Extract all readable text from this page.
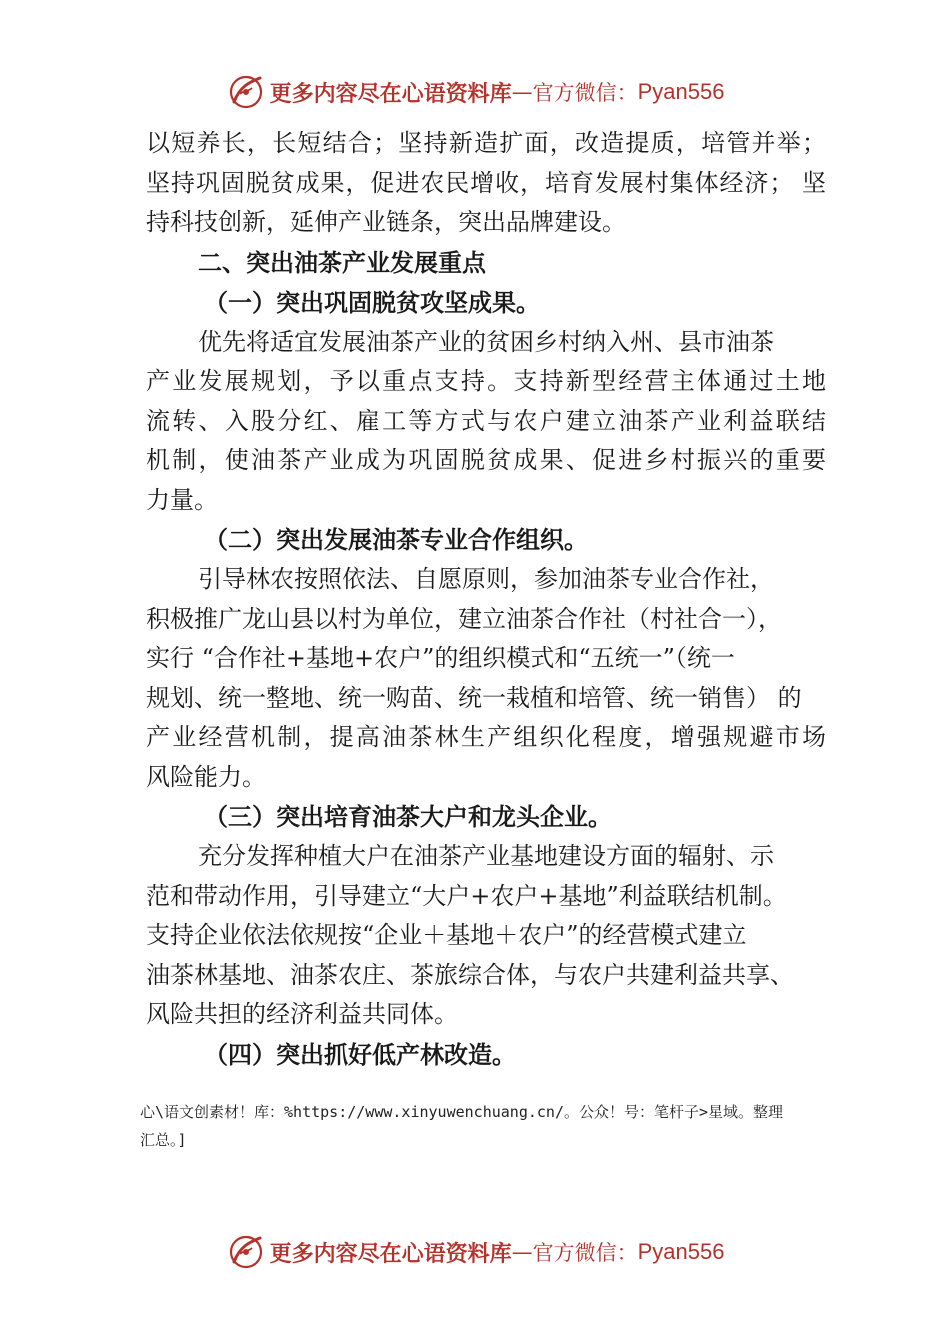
更多内容尽在心语资料库 — 官方微信： Pyan556
以短养长，长短结合；坚持新造扩面，改造提质，培管并举；
坚持巩固脱贫成果，促进农民增收，培育发展村集体经济； 坚
持科技创新，延伸产业链条，突出品牌建设。
二、突出油茶产业发展重点
（一）突出巩固脱贫攻坚成果。
优先将适宜发展油茶产业的贫困乡村纳入州、县市油茶
产业发展规划，予以重点支持。支持新型经营主体通过土地
流转、入股分红、雇工等方式与农户建立油茶产业利益联结
机制，使油茶产业成为巩固脱贫成果、促进乡村振兴的重要
力量。
（二）突出发展油茶专业合作组织。
引导林农按照依法、自愿原则，参加油茶专业合作社，
积极推广龙山县以村为单位，建立油茶合作社（村社合一），
实行 “合作社+基地+农户”的组织模式和“五统一”（统一
规划、统一整地、统一购苗、统一栽植和培管、统一销售） 的
产业经营机制，提高油茶林生产组织化程度，增强规避市场
风险能力。
（三）突出培育油茶大户和龙头企业。
充分发挥种植大户在油茶产业基地建设方面的辐射、示
范和带动作用，引导建立“大户+农户+基地”利益联结机制。
支持企业依法依规按“企业＋基地＋农户”的经营模式建立
油茶林基地、油茶农庄、茶旅综合体，与农户共建利益共享、
风险共担的经济利益共同体。
（四）突出抓好低产林改造。
心\语文创素材！库：%https://www.xinyuwenchuang.cn/。公众！号：笔杆子>星域。整理
汇总。]
更多内容尽在心语资料库 — 官方微信： Pyan556
